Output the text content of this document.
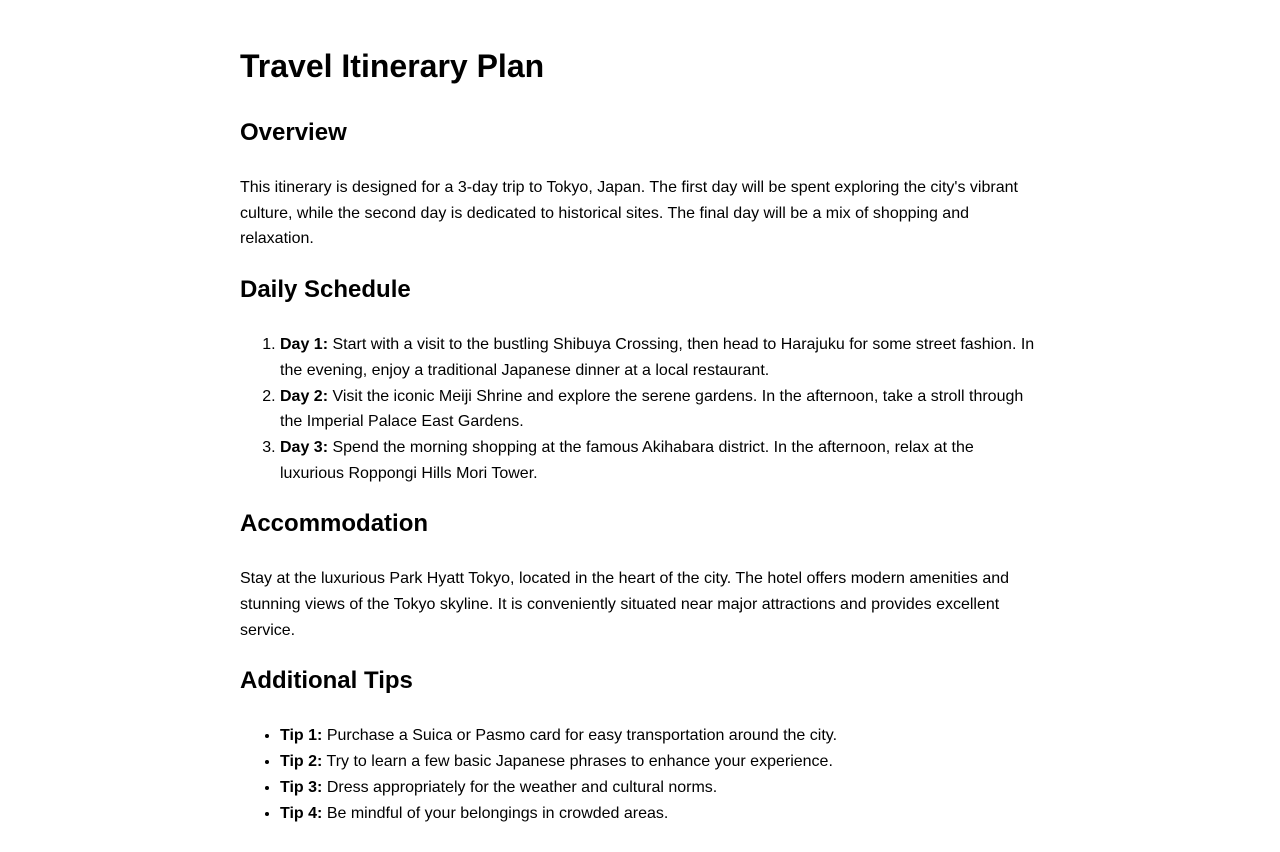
Travel Itinerary Plan
Overview

This itinerary is designed for a 3-day trip to Tokyo, Japan. The first day will be spent exploring the city's vibrant culture, while the second day is dedicated to historical sites. The final day will be a mix of shopping and relaxation.

Daily Schedule
1. Day 1: Start with a visit to the bustling Shibuya Crossing, then head to Harajuku for some street fashion. In the evening, enjoy a traditional Japanese dinner at a local restaurant.
2. Day 2: Visit the iconic Meiji Shrine and explore the serene gardens. In the afternoon, take a stroll through the Imperial Palace East Gardens.
3. Day 3: Spend the morning shopping at the famous Akihabara district. In the afternoon, relax at the luxurious Roppongi Hills Mori Tower.
Accommodation

Stay at the luxurious Park Hyatt Tokyo, located in the heart of the city. The hotel offers modern amenities and stunning views of the Tokyo skyline. It is conveniently situated near major attractions and provides excellent service.

Additional Tips
• Tip 1: Purchase a Suica or Pasmo card for easy transportation around the city.
• Tip 2: Try to learn a few basic Japanese phrases to enhance your experience.
• Tip 3: Dress appropriately for the weather and cultural norms.
• Tip 4: Be mindful of your belongings in crowded areas.
